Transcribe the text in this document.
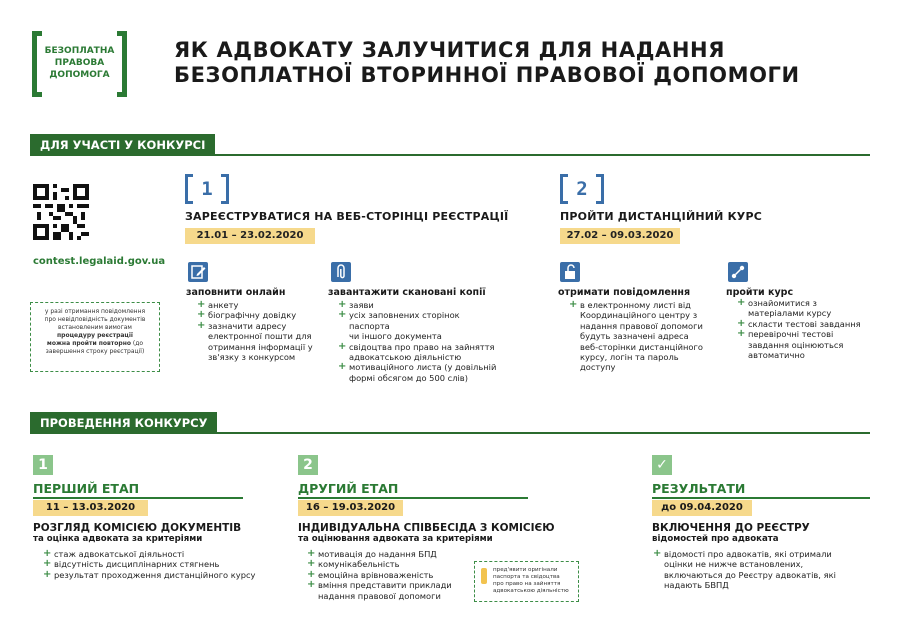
БЕЗОПЛАТНА
ПРАВОВА
ДОПОМОГА
ЯК АДВОКАТУ ЗАЛУЧИТИСЯ ДЛЯ НАДАННЯ
БЕЗОПЛАТНОЇ ВТОРИННОЇ ПРАВОВОЇ ДОПОМОГИ
ДЛЯ УЧАСТІ У КОНКУРСІ
contest.legalaid.gov.ua
у разі отримання повідомлення
про невідповідність документів
встановленим вимогам
процедуру реєстрації
можна пройти повторно (до завершення строку реєстрації)
1
ЗАРЕЄСТРУВАТИСЯ НА ВЕБ-СТОРІНЦІ РЕЄСТРАЦІЇ
21.01 – 23.02.2020
заповнити онлайн
+ анкету
+ біографічну довідку
+ зазначити адресу
електронної пошти для
отримання інформації у
зв'язку з конкурсом
завантажити скановані копії
+ заяви
+ усіх заповнених сторінок паспорта
чи іншого документа
+ свідоцтва про право на зайняття
адвокатською діяльністю
+ мотиваційного листа (у довільній
формі обсягом до 500 слів)
2
ПРОЙТИ ДИСТАНЦІЙНИЙ КУРС
27.02 – 09.03.2020
отримати повідомлення
+ в електронному листі від
Координаційного центру з
надання правової допомоги
будуть зазначені адреса
веб-сторінки дистанційного
курсу, логін та пароль
доступу
пройти курс
+ ознайомитися з
матеріалами курсу
+ скласти тестові завдання
+ перевірочні тестові
завдання оцінюються
автоматично
ПРОВЕДЕННЯ КОНКУРСУ
1
ПЕРШИЙ ЕТАП
11 – 13.03.2020
РОЗГЛЯД КОМІСІЄЮ ДОКУМЕНТІВ
та оцінка адвоката за критеріями
+ стаж адвокатської діяльності
+ відсутність дисциплінарних стягнень
+ результат проходження дистанційного курсу
2
ДРУГИЙ ЕТАП
16 – 19.03.2020
ІНДИВІДУАЛЬНА СПІВБЕСІДА З КОМІСІЄЮ
та оцінювання адвоката за критеріями
+ мотивація до надання БПД
+ комунікабельність
+ емоційна врівноваженість
+ вміння представити приклади
надання правової допомоги
пред'явити оригінали
паспорта та свідоцтва
про право на зайняття
адвокатською діяльністю
✓
РЕЗУЛЬТАТИ
до 09.04.2020
ВКЛЮЧЕННЯ ДО РЕЄСТРУ
відомостей про адвоката
+ відомості про адвокатів, які отримали
оцінки не нижче встановлених,
включаються до Реєстру адвокатів, які
надають БВПД
